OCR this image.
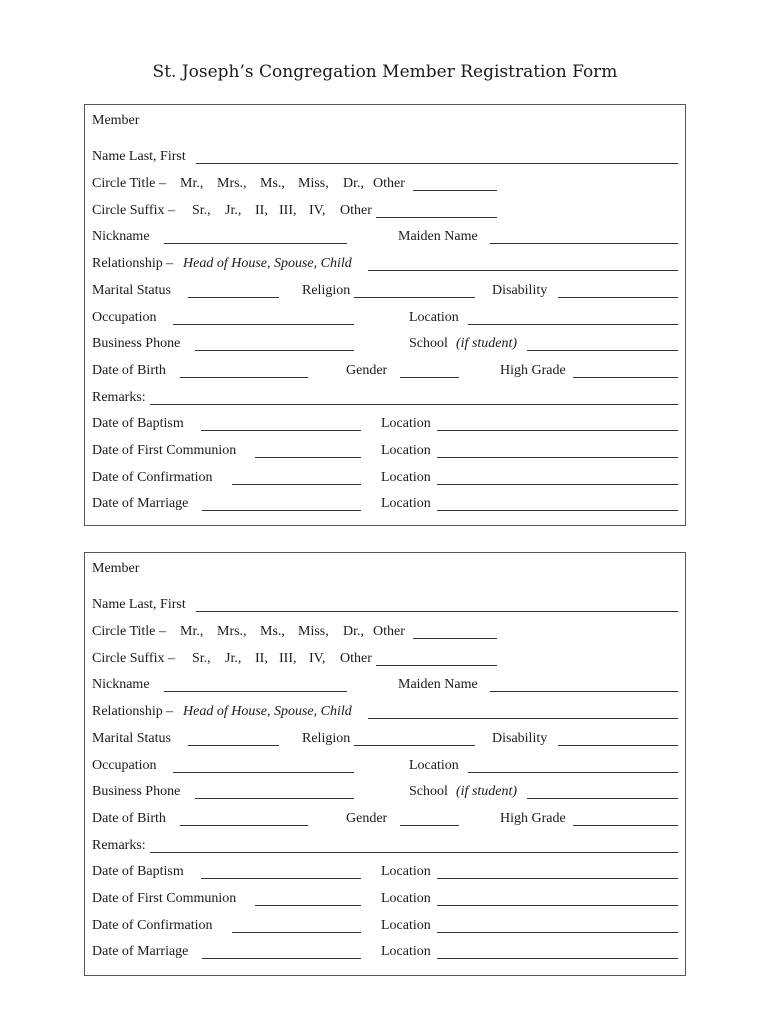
St. Joseph’s Congregation Member Registration Form
Member
Name Last, First
Circle Title – Mr., Mrs., Ms., Miss, Dr., Other
Circle Suffix – Sr., Jr., II, III, IV, Other
Nickname	Maiden Name
Relationship – Head of House, Spouse, Child
Marital Status	Religion	Disability
Occupation	Location
Business Phone	School (if student)
Date of Birth	Gender	High Grade
Remarks:
Date of Baptism	Location
Date of First Communion	Location
Date of Confirmation	Location
Date of Marriage	Location
Member
Name Last, First
Circle Title – Mr., Mrs., Ms., Miss, Dr., Other
Circle Suffix – Sr., Jr., II, III, IV, Other
Nickname	Maiden Name
Relationship – Head of House, Spouse, Child
Marital Status	Religion	Disability
Occupation	Location
Business Phone	School (if student)
Date of Birth	Gender	High Grade
Remarks:
Date of Baptism	Location
Date of First Communion	Location
Date of Confirmation	Location
Date of Marriage	Location
